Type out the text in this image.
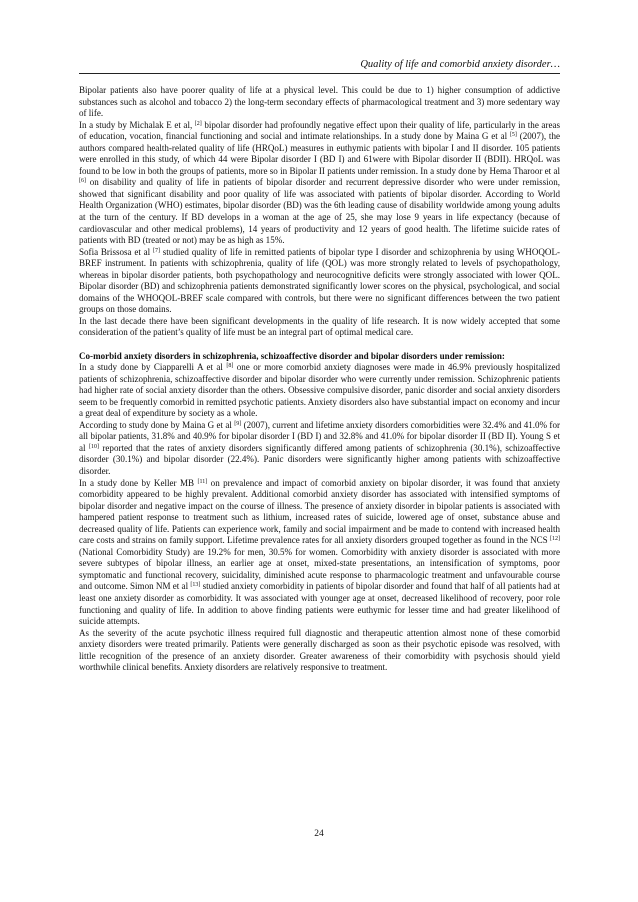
Quality of life and comorbid anxiety disorder…

Bipolar patients also have poorer quality of life at a physical level. This could be due to 1) higher consumption of addictive substances such as alcohol and tobacco 2) the long-term secondary effects of pharmacological treatment and 3) more sedentary way of life.

In a study by Michalak E et al, [2] bipolar disorder had profoundly negative effect upon their quality of life, particularly in the areas of education, vocation, financial functioning and social and intimate relationships. In a study done by Maina G et al [5] (2007), the authors compared health-related quality of life (HRQoL) measures in euthymic patients with bipolar I and II disorder. 105 patients were enrolled in this study, of which 44 were Bipolar disorder I (BD I) and 61were with Bipolar disorder II (BDII). HRQoL was found to be low in both the groups of patients, more so in Bipolar II patients under remission. In a study done by Hema Tharoor et al [6] on disability and quality of life in patients of bipolar disorder and recurrent depressive disorder who were under remission, showed that significant disability and poor quality of life was associated with patients of bipolar disorder. According to World Health Organization (WHO) estimates, bipolar disorder (BD) was the 6th leading cause of disability worldwide among young adults at the turn of the century. If BD develops in a woman at the age of 25, she may lose 9 years in life expectancy (because of cardiovascular and other medical problems), 14 years of productivity and 12 years of good health. The lifetime suicide rates of patients with BD (treated or not) may be as high as 15%.

Sofia Brissosa et al [7] studied quality of life in remitted patients of bipolar type I disorder and schizophrenia by using WHOQOL-BREF instrument. In patients with schizophrenia, quality of life (QOL) was more strongly related to levels of psychopathology, whereas in bipolar disorder patients, both psychopathology and neurocognitive deficits were strongly associated with lower QOL. Bipolar disorder (BD) and schizophrenia patients demonstrated significantly lower scores on the physical, psychological, and social domains of the WHOQOL-BREF scale compared with controls, but there were no significant differences between the two patient groups on those domains.

In the last decade there have been significant developments in the quality of life research. It is now widely accepted that some consideration of the patient’s quality of life must be an integral part of optimal medical care.

Co-morbid anxiety disorders in schizophrenia, schizoaffective disorder and bipolar disorders under remission:

In a study done by Ciapparelli A et al [8] one or more comorbid anxiety diagnoses were made in 46.9% previously hospitalized patients of schizophrenia, schizoaffective disorder and bipolar disorder who were currently under remission. Schizophrenic patients had higher rate of social anxiety disorder than the others. Obsessive compulsive disorder, panic disorder and social anxiety disorders seem to be frequently comorbid in remitted psychotic patients. Anxiety disorders also have substantial impact on economy and incur a great deal of expenditure by society as a whole.

According to study done by Maina G et al [9] (2007), current and lifetime anxiety disorders comorbidities were 32.4% and 41.0% for all bipolar patients, 31.8% and 40.9% for bipolar disorder I (BD I) and 32.8% and 41.0% for bipolar disorder II (BD II). Young S et al [10] reported that the rates of anxiety disorders significantly differed among patients of schizophrenia (30.1%), schizoaffective disorder (30.1%) and bipolar disorder (22.4%). Panic disorders were significantly higher among patients with schizoaffective disorder.

In a study done by Keller MB [11] on prevalence and impact of comorbid anxiety on bipolar disorder, it was found that anxiety comorbidity appeared to be highly prevalent. Additional comorbid anxiety disorder has associated with intensified symptoms of bipolar disorder and negative impact on the course of illness. The presence of anxiety disorder in bipolar patients is associated with hampered patient response to treatment such as lithium, increased rates of suicide, lowered age of onset, substance abuse and decreased quality of life. Patients can experience work, family and social impairment and be made to contend with increased health care costs and strains on family support. Lifetime prevalence rates for all anxiety disorders grouped together as found in the NCS [12] (National Comorbidity Study) are 19.2% for men, 30.5% for women. Comorbidity with anxiety disorder is associated with more severe subtypes of bipolar illness, an earlier age at onset, mixed-state presentations, an intensification of symptoms, poor symptomatic and functional recovery, suicidality, diminished acute response to pharmacologic treatment and unfavourable course and outcome. Simon NM et al [13] studied anxiety comorbidity in patients of bipolar disorder and found that half of all patients had at least one anxiety disorder as comorbidity. It was associated with younger age at onset, decreased likelihood of recovery, poor role functioning and quality of life. In addition to above finding patients were euthymic for lesser time and had greater likelihood of suicide attempts.

As the severity of the acute psychotic illness required full diagnostic and therapeutic attention almost none of these comorbid anxiety disorders were treated primarily. Patients were generally discharged as soon as their psychotic episode was resolved, with little recognition of the presence of an anxiety disorder. Greater awareness of their comorbidity with psychosis should yield worthwhile clinical benefits. Anxiety disorders are relatively responsive to treatment.

24
